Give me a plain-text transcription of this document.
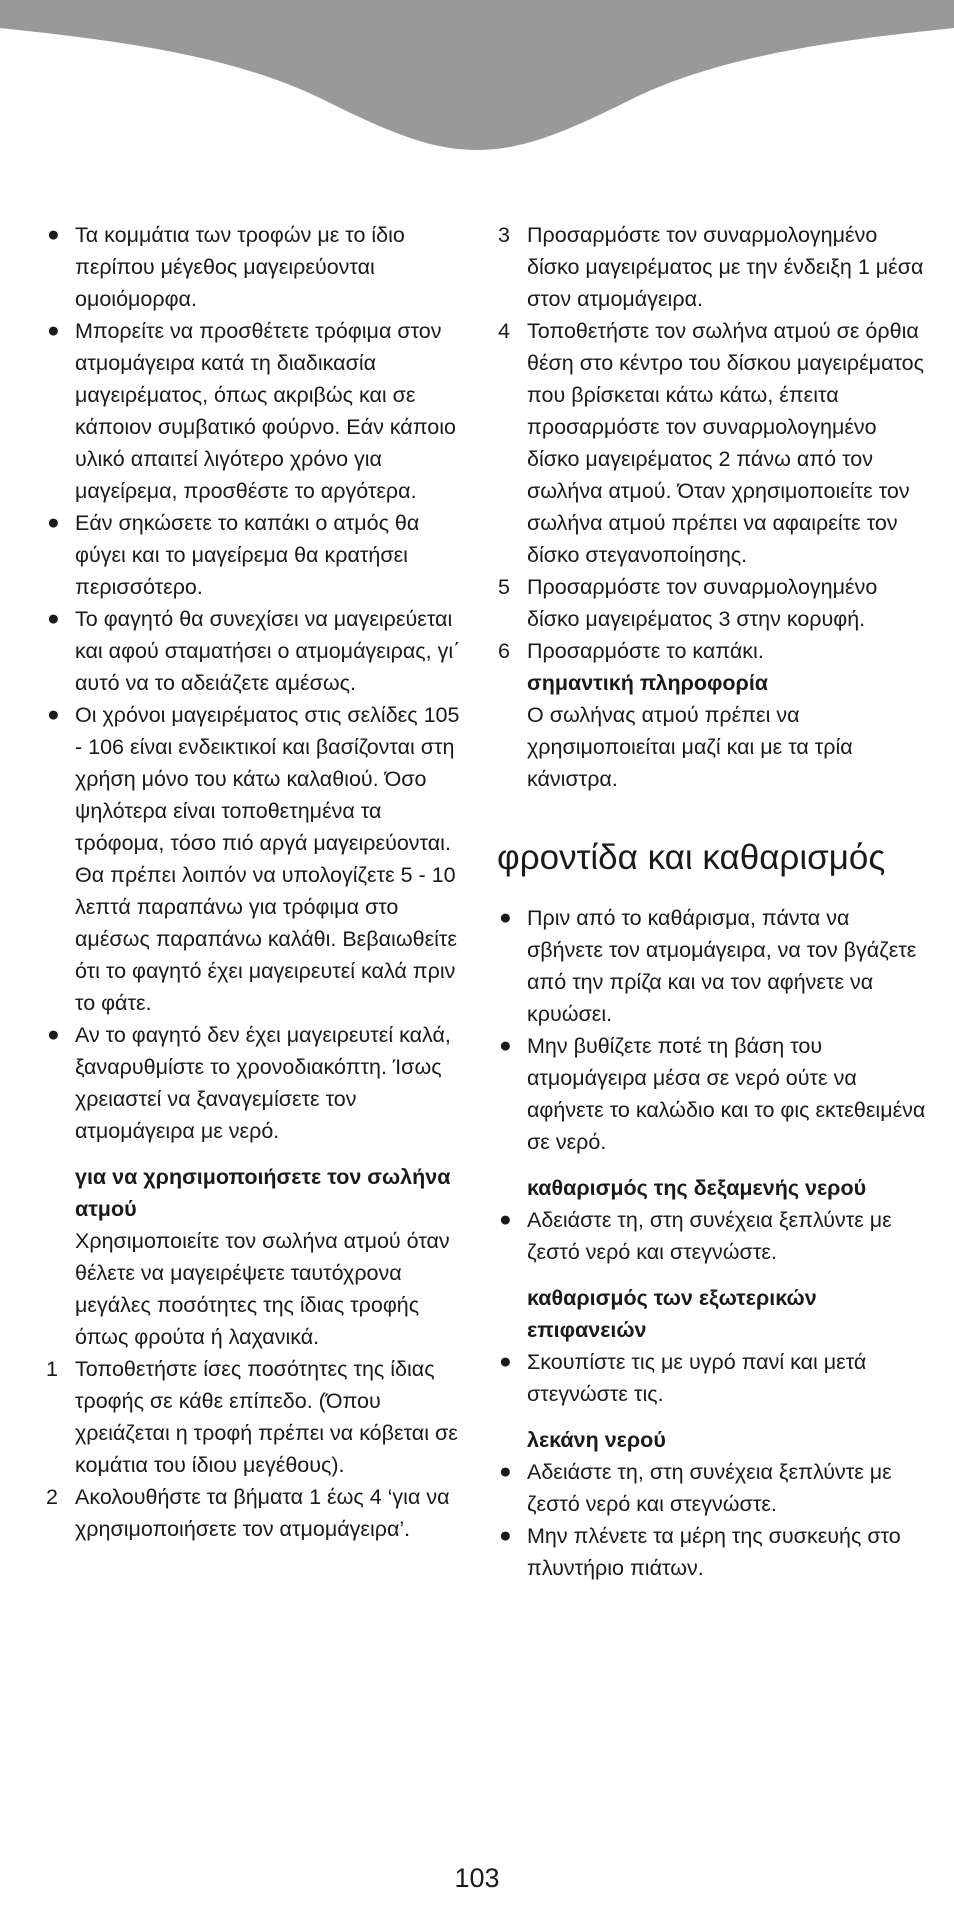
● Τα κομμάτια των τροφών με το ίδιο περίπου μέγεθος μαγειρεύονται ομοιόμορφα.
● Μπορείτε να προσθέτετε τρόφιμα στον ατμομάγειρα κατά τη διαδικασία μαγειρέματος, όπως ακριβώς και σε κάποιον συμβατικό φούρνο. Εάν κάποιο υλικό απαιτεί λιγότερο χρόνο για μαγείρεμα, προσθέστε το αργότερα.
● Εάν σηκώσετε το καπάκι ο ατμός θα φύγει και το μαγείρεμα θα κρατήσει περισσότερο.
● Το φαγητό θα συνεχίσει να μαγειρεύεται και αφού σταματήσει ο ατμομάγειρας, γι΄ αυτό να το αδειάζετε αμέσως.
● Οι χρόνοι μαγειρέματος στις σελίδες 105 - 106 είναι ενδεικτικοί και βασίζονται στη χρήση μόνο του κάτω καλαθιού. Όσο ψηλότερα είναι τοποθετημένα τα τρόφομα, τόσο πιό αργά μαγειρεύονται. Θα πρέπει λοιπόν να υπολογίζετε 5 - 10 λεπτά παραπάνω για τρόφιμα στο αμέσως παραπάνω καλάθι. Βεβαιωθείτε ότι το φαγητό έχει μαγειρευτεί καλά πριν το φάτε.
● Αν το φαγητό δεν έχει μαγειρευτεί καλά, ξαναρυθμίστε το χρονοδιακόπτη. Ίσως χρειαστεί να ξαναγεμίσετε τον ατμομάγειρα με νερό.
για να χρησιμοποιήσετε τον σωλήνα ατμού
Χρησιμοποιείτε τον σωλήνα ατμού όταν θέλετε να μαγειρέψετε ταυτόχρονα μεγάλες ποσότητες της ίδιας τροφής όπως φρούτα ή λαχανικά.
1 Τοποθετήστε ίσες ποσότητες της ίδιας τροφής σε κάθε επίπεδο. (Όπου χρειάζεται η τροφή πρέπει να κόβεται σε κομάτια του ίδιου μεγέθους).
2 Ακολουθήστε τα βήματα 1 έως 4 ‘για να χρησιμοποιήσετε τον ατμομάγειρα’.
3 Προσαρμόστε τον συναρμολογημένο δίσκο μαγειρέματος με την ένδειξη 1 μέσα στον ατμομάγειρα.
4 Τοποθετήστε τον σωλήνα ατμού σε όρθια θέση στο κέντρο του δίσκου μαγειρέματος που βρίσκεται κάτω κάτω, έπειτα προσαρμόστε τον συναρμολογημένο δίσκο μαγειρέματος 2 πάνω από τον σωλήνα ατμού. Όταν χρησιμοποιείτε τον σωλήνα ατμού πρέπει να αφαιρείτε τον δίσκο στεγανοποίησης.
5 Προσαρμόστε τον συναρμολογημένο δίσκο μαγειρέματος 3 στην κορυφή.
6 Προσαρμόστε το καπάκι.
σημαντική πληροφορία
Ο σωλήνας ατμού πρέπει να χρησιμοποιείται μαζί και με τα τρία κάνιστρα.
φροντίδα και καθαρισμός
● Πριν από το καθάρισμα, πάντα να σβήνετε τον ατμομάγειρα, να τον βγάζετε από την πρίζα και να τον αφήνετε να κρυώσει.
● Μην βυθίζετε ποτέ τη βάση του ατμομάγειρα μέσα σε νερό ούτε να αφήνετε το καλώδιο και το φις εκτεθειμένα σε νερό.
καθαρισμός της δεξαμενής νερού
● Αδειάστε τη, στη συνέχεια ξεπλύντε με ζεστό νερό και στεγνώστε.
καθαρισμός των εξωτερικών επιφανειών
● Σκουπίστε τις με υγρό πανί και μετά στεγνώστε τις.
λεκάνη νερού
● Αδειάστε τη, στη συνέχεια ξεπλύντε με ζεστό νερό και στεγνώστε.
● Μην πλένετε τα μέρη της συσκευής στο πλυντήριο πιάτων.
103
